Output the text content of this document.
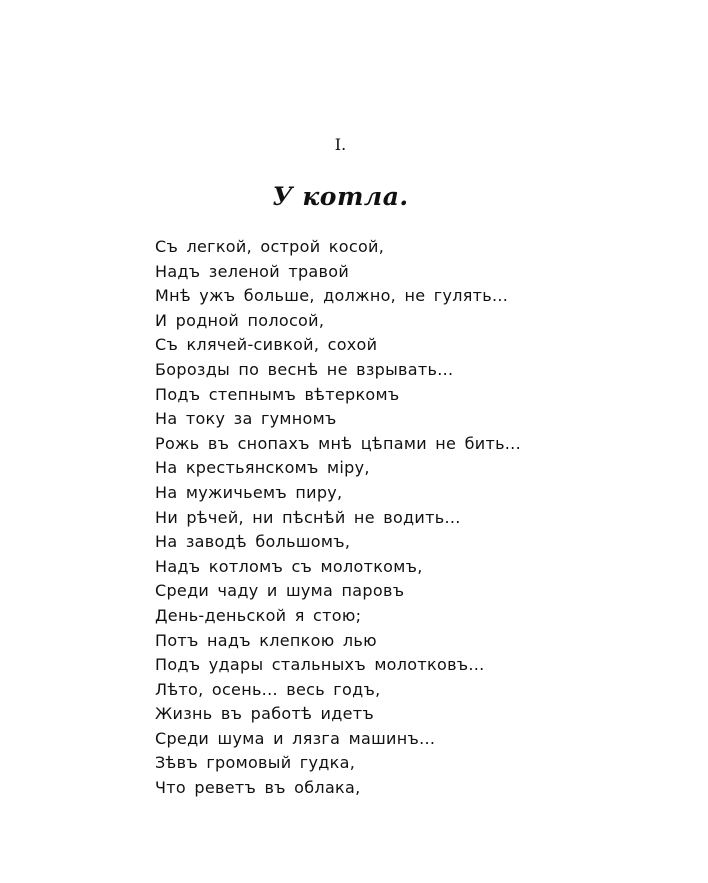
I.
У котла.
Съ легкой, острой косой,
Надъ зеленой травой
Мнѣ ужъ больше, должно, не гулять...
И родной полосой,
Съ клячей-сивкой, сохой
Борозды по веснѣ не взрывать...
Подъ степнымъ вѣтеркомъ
На току за гумномъ
Рожь въ снопахъ мнѣ цѣпами не бить...
На крестьянскомъ мірy,
На мужичьемъ пиру,
Ни рѣчей, ни пѣснѣй не водить...
На заводѣ большомъ,
Надъ котломъ съ молоткомъ,
Среди чаду и шума паровъ
День-деньской я стою;
Потъ надъ клепкою лью
Подъ удары стальныхъ молотковъ...
Лѣто, осень... весь годъ,
Жизнь въ работѣ идетъ
Среди шума и лязга машинъ...
Зѣвъ громовый гудка,
Что реветъ въ облака,
